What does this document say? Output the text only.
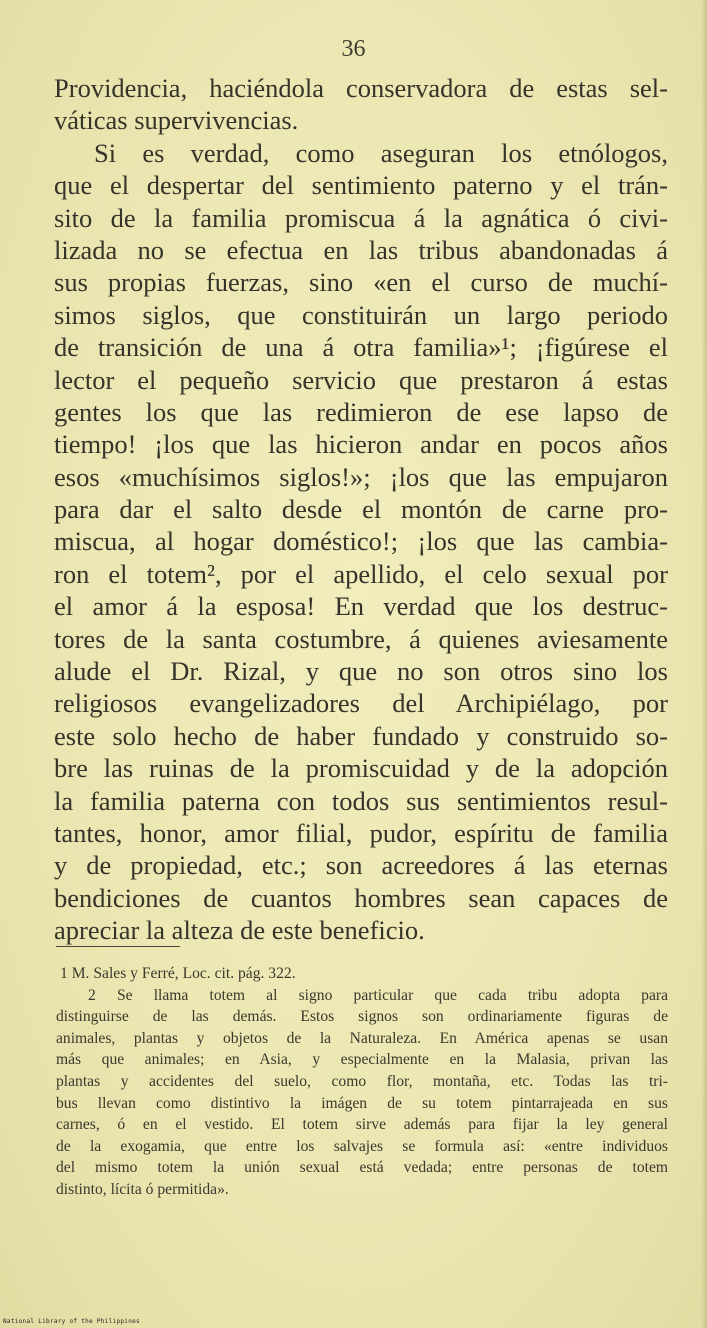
36
Providencia, haciéndola conservadora de estas sel-
váticas supervivencias.
Si es verdad, como aseguran los etnólogos,
que el despertar del sentimiento paterno y el trán-
sito de la familia promiscua á la agnática ó civi-
lizada no se efectua en las tribus abandonadas á
sus propias fuerzas, sino «en el curso de muchí-
simos siglos, que constituirán un largo periodo
de transición de una á otra familia»¹; ¡figúrese el
lector el pequeño servicio que prestaron á estas
gentes los que las redimieron de ese lapso de
tiempo! ¡los que las hicieron andar en pocos años
esos «muchísimos siglos!»; ¡los que las empujaron
para dar el salto desde el montón de carne pro-
miscua, al hogar doméstico!; ¡los que las cambia-
ron el totem², por el apellido, el celo sexual por
el amor á la esposa! En verdad que los destruc-
tores de la santa costumbre, á quienes aviesamente
alude el Dr. Rizal, y que no son otros sino los
religiosos evangelizadores del Archipiélago, por
este solo hecho de haber fundado y construido so-
bre las ruinas de la promiscuidad y de la adopción
la familia paterna con todos sus sentimientos resul-
tantes, honor, amor filial, pudor, espíritu de familia
y de propiedad, etc.; son acreedores á las eternas
bendiciones de cuantos hombres sean capaces de
apreciar la alteza de este beneficio.
1 M. Sales y Ferré, Loc. cit. pág. 322.
2 Se llama totem al signo particular que cada tribu adopta para
distinguirse de las demás. Estos signos son ordinariamente figuras de
animales, plantas y objetos de la Naturaleza. En América apenas se usan
más que animales; en Asia, y especialmente en la Malasia, privan las
plantas y accidentes del suelo, como flor, montaña, etc. Todas las tri-
bus llevan como distintivo la imágen de su totem pintarrajeada en sus
carnes, ó en el vestido. El totem sirve además para fijar la ley general
de la exogamia, que entre los salvajes se formula así: «entre individuos
del mismo totem la unión sexual está vedada; entre personas de totem
distinto, lícita ó permitida».
National Library of the Philippines
